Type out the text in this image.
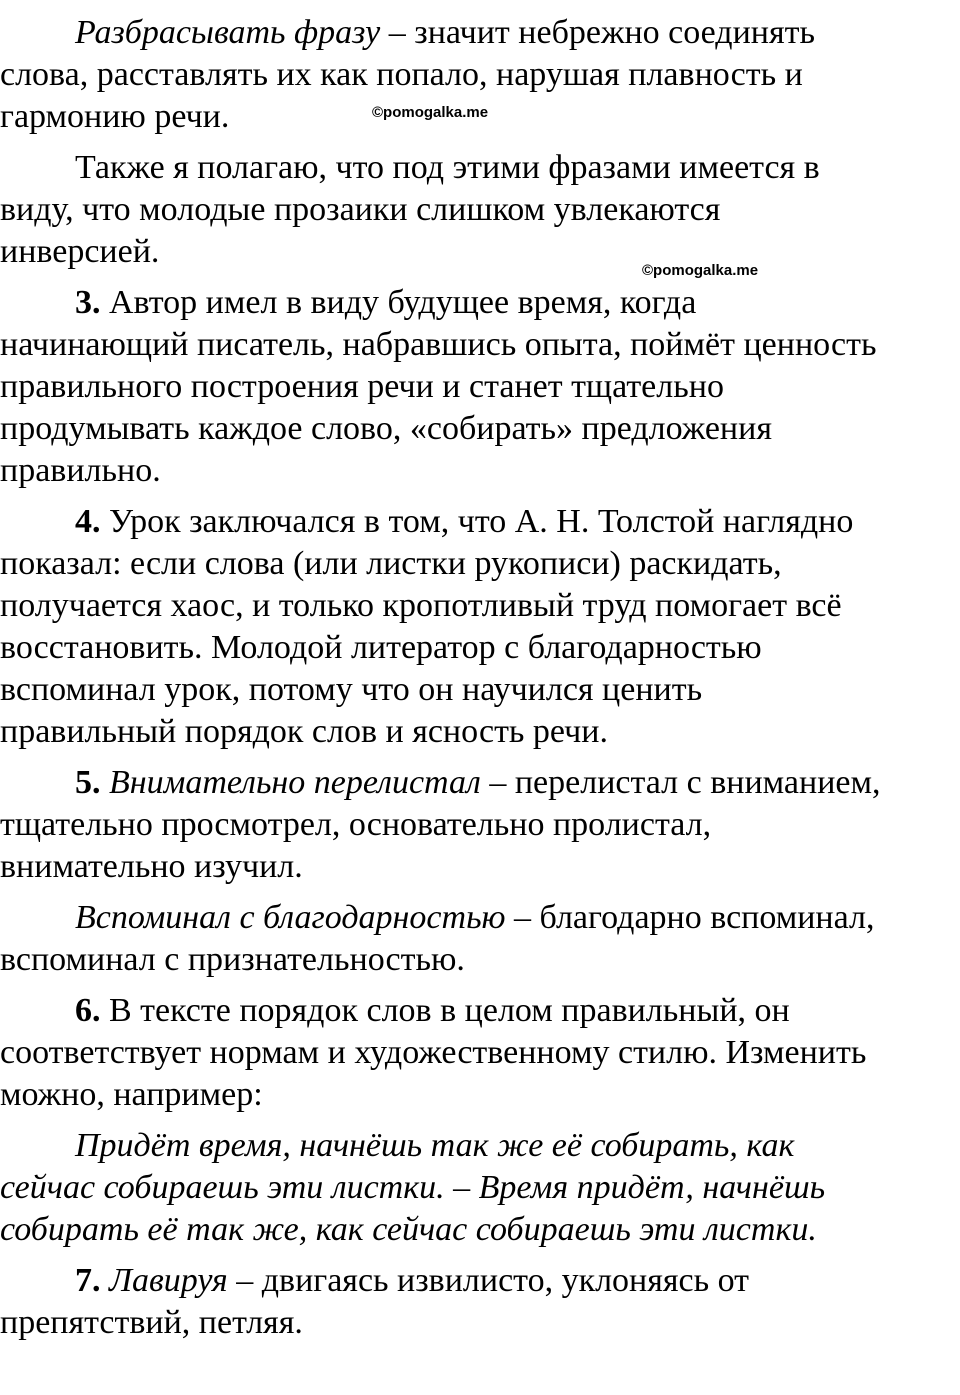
Разбрасывать фразу – значит небрежно соединять
слова, расставлять их как попало, нарушая плавность и
гармонию речи.
Также я полагаю, что под этими фразами имеется в
виду, что молодые прозаики слишком увлекаются
инверсией.
3. Автор имел в виду будущее время, когда
начинающий писатель, набравшись опыта, поймёт ценность
правильного построения речи и станет тщательно
продумывать каждое слово, «собирать» предложения
правильно.
4. Урок заключался в том, что А. Н. Толстой наглядно
показал: если слова (или листки рукописи) раскидать,
получается хаос, и только кропотливый труд помогает всё
восстановить. Молодой литератор с благодарностью
вспоминал урок, потому что он научился ценить
правильный порядок слов и ясность речи.
5. Внимательно перелистал – перелистал с вниманием,
тщательно просмотрел, основательно пролистал,
внимательно изучил.
Вспоминал с благодарностью – благодарно вспоминал,
вспоминал с признательностью.
6. В тексте порядок слов в целом правильный, он
соответствует нормам и художественному стилю. Изменить
можно, например:
Придёт время, начнёшь так же её собирать, как
сейчас собираешь эти листки. – Время придёт, начнёшь
собирать её так же, как сейчас собираешь эти листки.
7. Лавируя – двигаясь извилисто, уклоняясь от
препятствий, петляя.
©pomogalka.me
©pomogalka.me
